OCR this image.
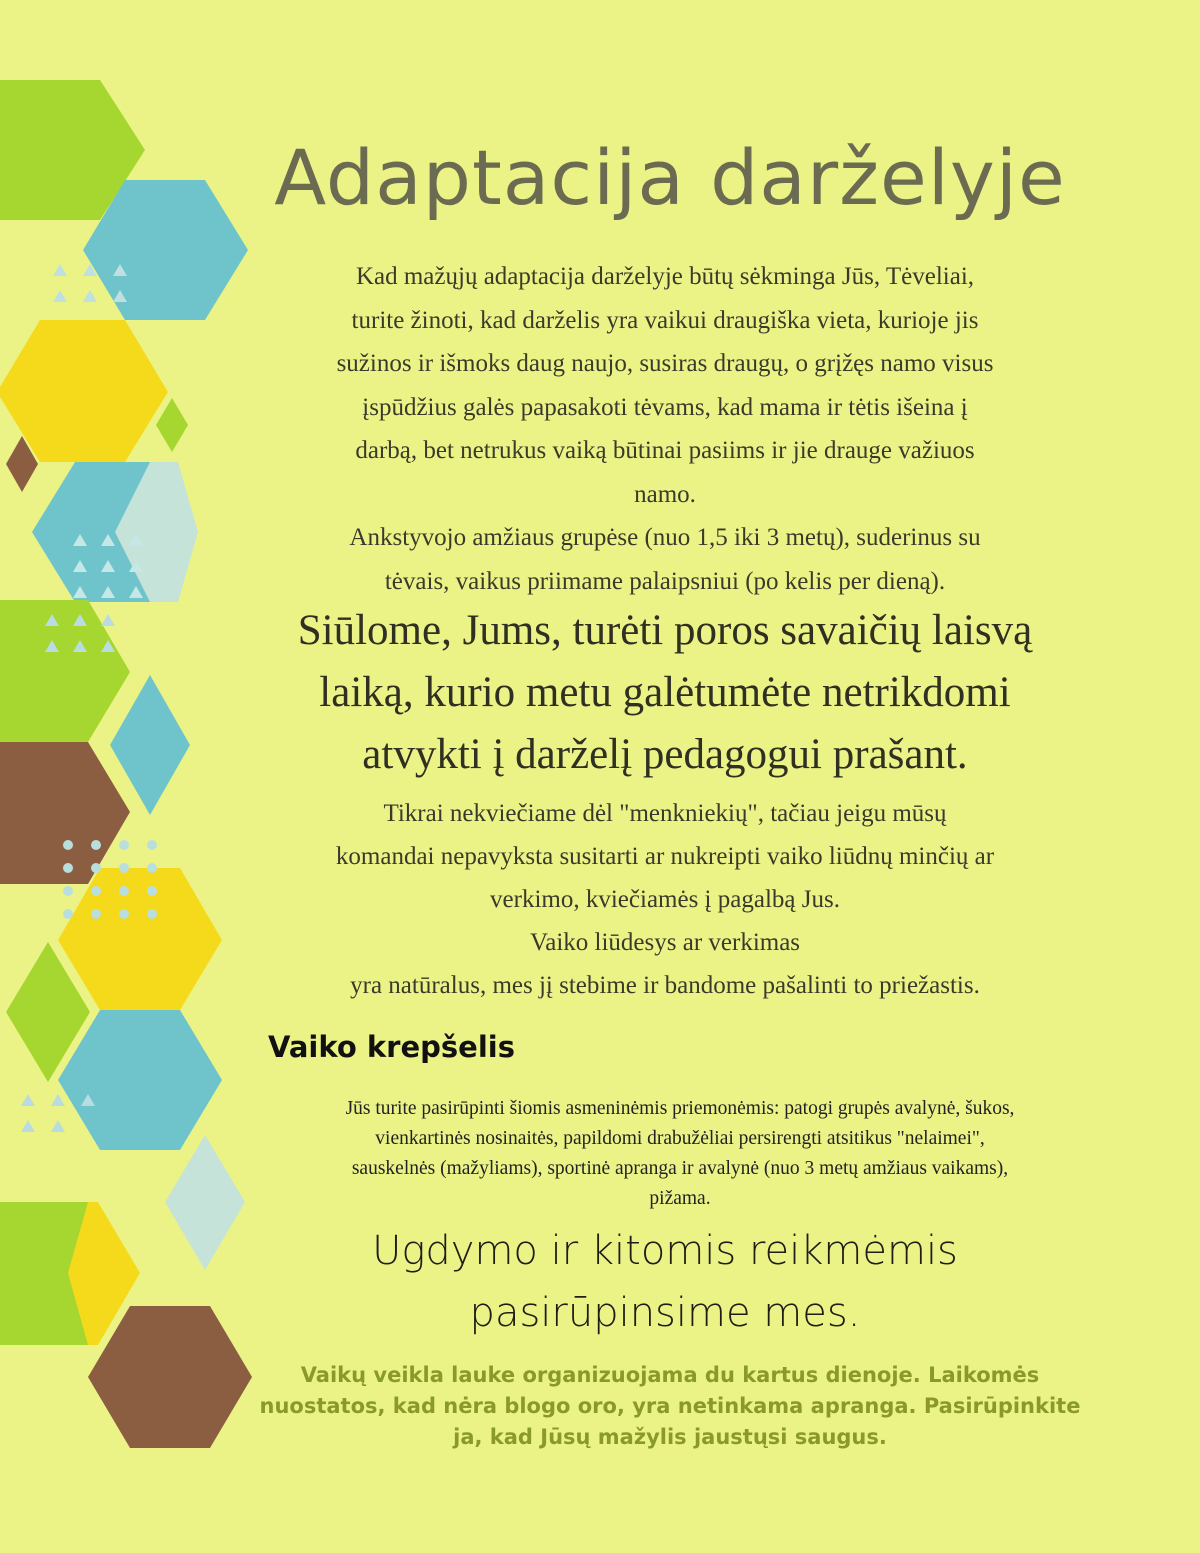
Adaptacija darželyje

Kad mažųjų adaptacija darželyje būtų sėkminga Jūs, Tėveliai,

turite žinoti, kad darželis yra vaikui draugiška vieta, kurioje jis

sužinos ir išmoks daug naujo, susiras draugų, o grįžęs namo visus

įspūdžius galės papasakoti tėvams, kad mama ir tėtis išeina į

darbą, bet netrukus vaiką būtinai pasiims ir jie drauge važiuos

namo.

Ankstyvojo amžiaus grupėse (nuo 1,5 iki 3 metų), suderinus su

tėvais, vaikus priimame palaipsniui (po kelis per dieną).

Siūlome, Jums, turėti poros savaičių laisvą

laiką, kurio metu galėtumėte netrikdomi

atvykti į darželį pedagogui prašant.

Tikrai nekviečiame dėl "menkniekių", tačiau jeigu mūsų

komandai nepavyksta susitarti ar nukreipti vaiko liūdnų minčių ar

verkimo, kviečiamės į pagalbą Jus.

Vaiko liūdesys ar verkimas

yra natūralus, mes jį stebime ir bandome pašalinti to priežastis.

Vaiko krepšelis

Jūs turite pasirūpinti šiomis asmeninėmis priemonėmis: patogi grupės avalynė, šukos,

vienkartinės nosinaitės, papildomi drabužėliai persirengti atsitikus "nelaimei",

sauskelnės (mažyliams), sportinė apranga ir avalynė (nuo 3 metų amžiaus vaikams),

pižama.

Ugdymo ir kitomis reikmėmis

pasirūpinsime mes.

Vaikų veikla lauke organizuojama du kartus dienoje. Laikomės

nuostatos, kad nėra blogo oro, yra netinkama apranga. Pasirūpinkite

ja, kad Jūsų mažylis jaustųsi saugus.
